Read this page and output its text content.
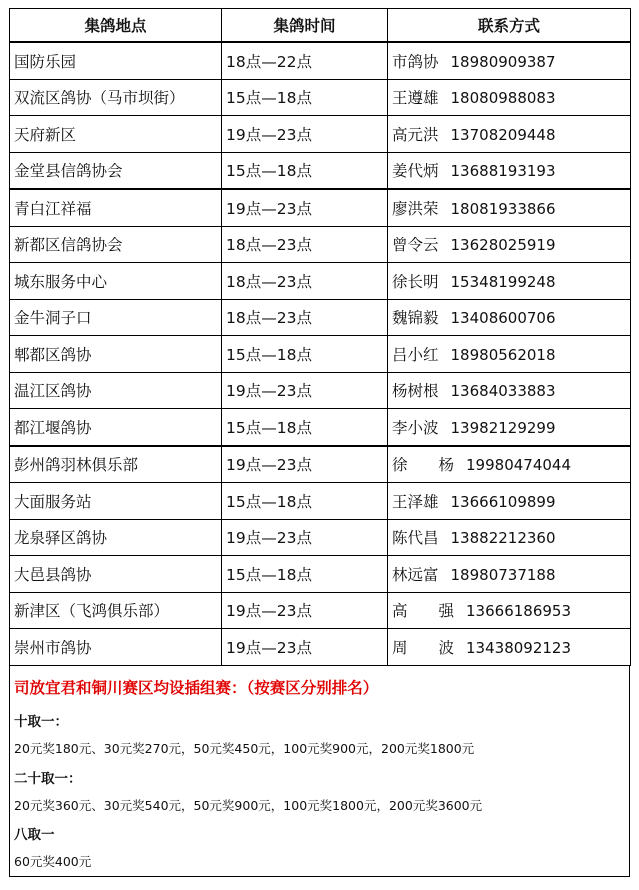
集鸽地点	集鸽时间	联系方式
国防乐园	18点—22点	市鸽协 18980909387
双流区鸽协（马市坝街）	15点—18点	王遵雄 18080988083
天府新区	19点—23点	高元洪 13708209448
金堂县信鸽协会	15点—18点	姜代炳 13688193193
青白江祥福	19点—23点	廖洪荣 18081933866
新都区信鸽协会	18点—23点	曾令云 13628025919
城东服务中心	18点—23点	徐长明 15348199248
金牛洞子口	18点—23点	魏锦毅 13408600706
郫都区鸽协	15点—18点	吕小红 18980562018
温江区鸽协	19点—23点	杨树根 13684033883
都江堰鸽协	15点—18点	李小波 13982129299
彭州鸽羽林俱乐部	19点—23点	徐　　杨 19980474044
大面服务站	15点—18点	王泽雄 13666109899
龙泉驿区鸽协	19点—23点	陈代昌 13882212360
大邑县鸽协	15点—18点	林远富 18980737188
新津区（飞鸿俱乐部）	19点—23点	高　　强 13666186953
崇州市鸽协	19点—23点	周　　波 13438092123
司放宜君和铜川赛区均设插组赛：（按赛区分别排名）
十取一：
20元奖180元、30元奖270元，50元奖450元，100元奖900元，200元奖1800元
二十取一：
20元奖360元、30元奖540元，50元奖900元，100元奖1800元，200元奖3600元
八取一
60元奖400元
